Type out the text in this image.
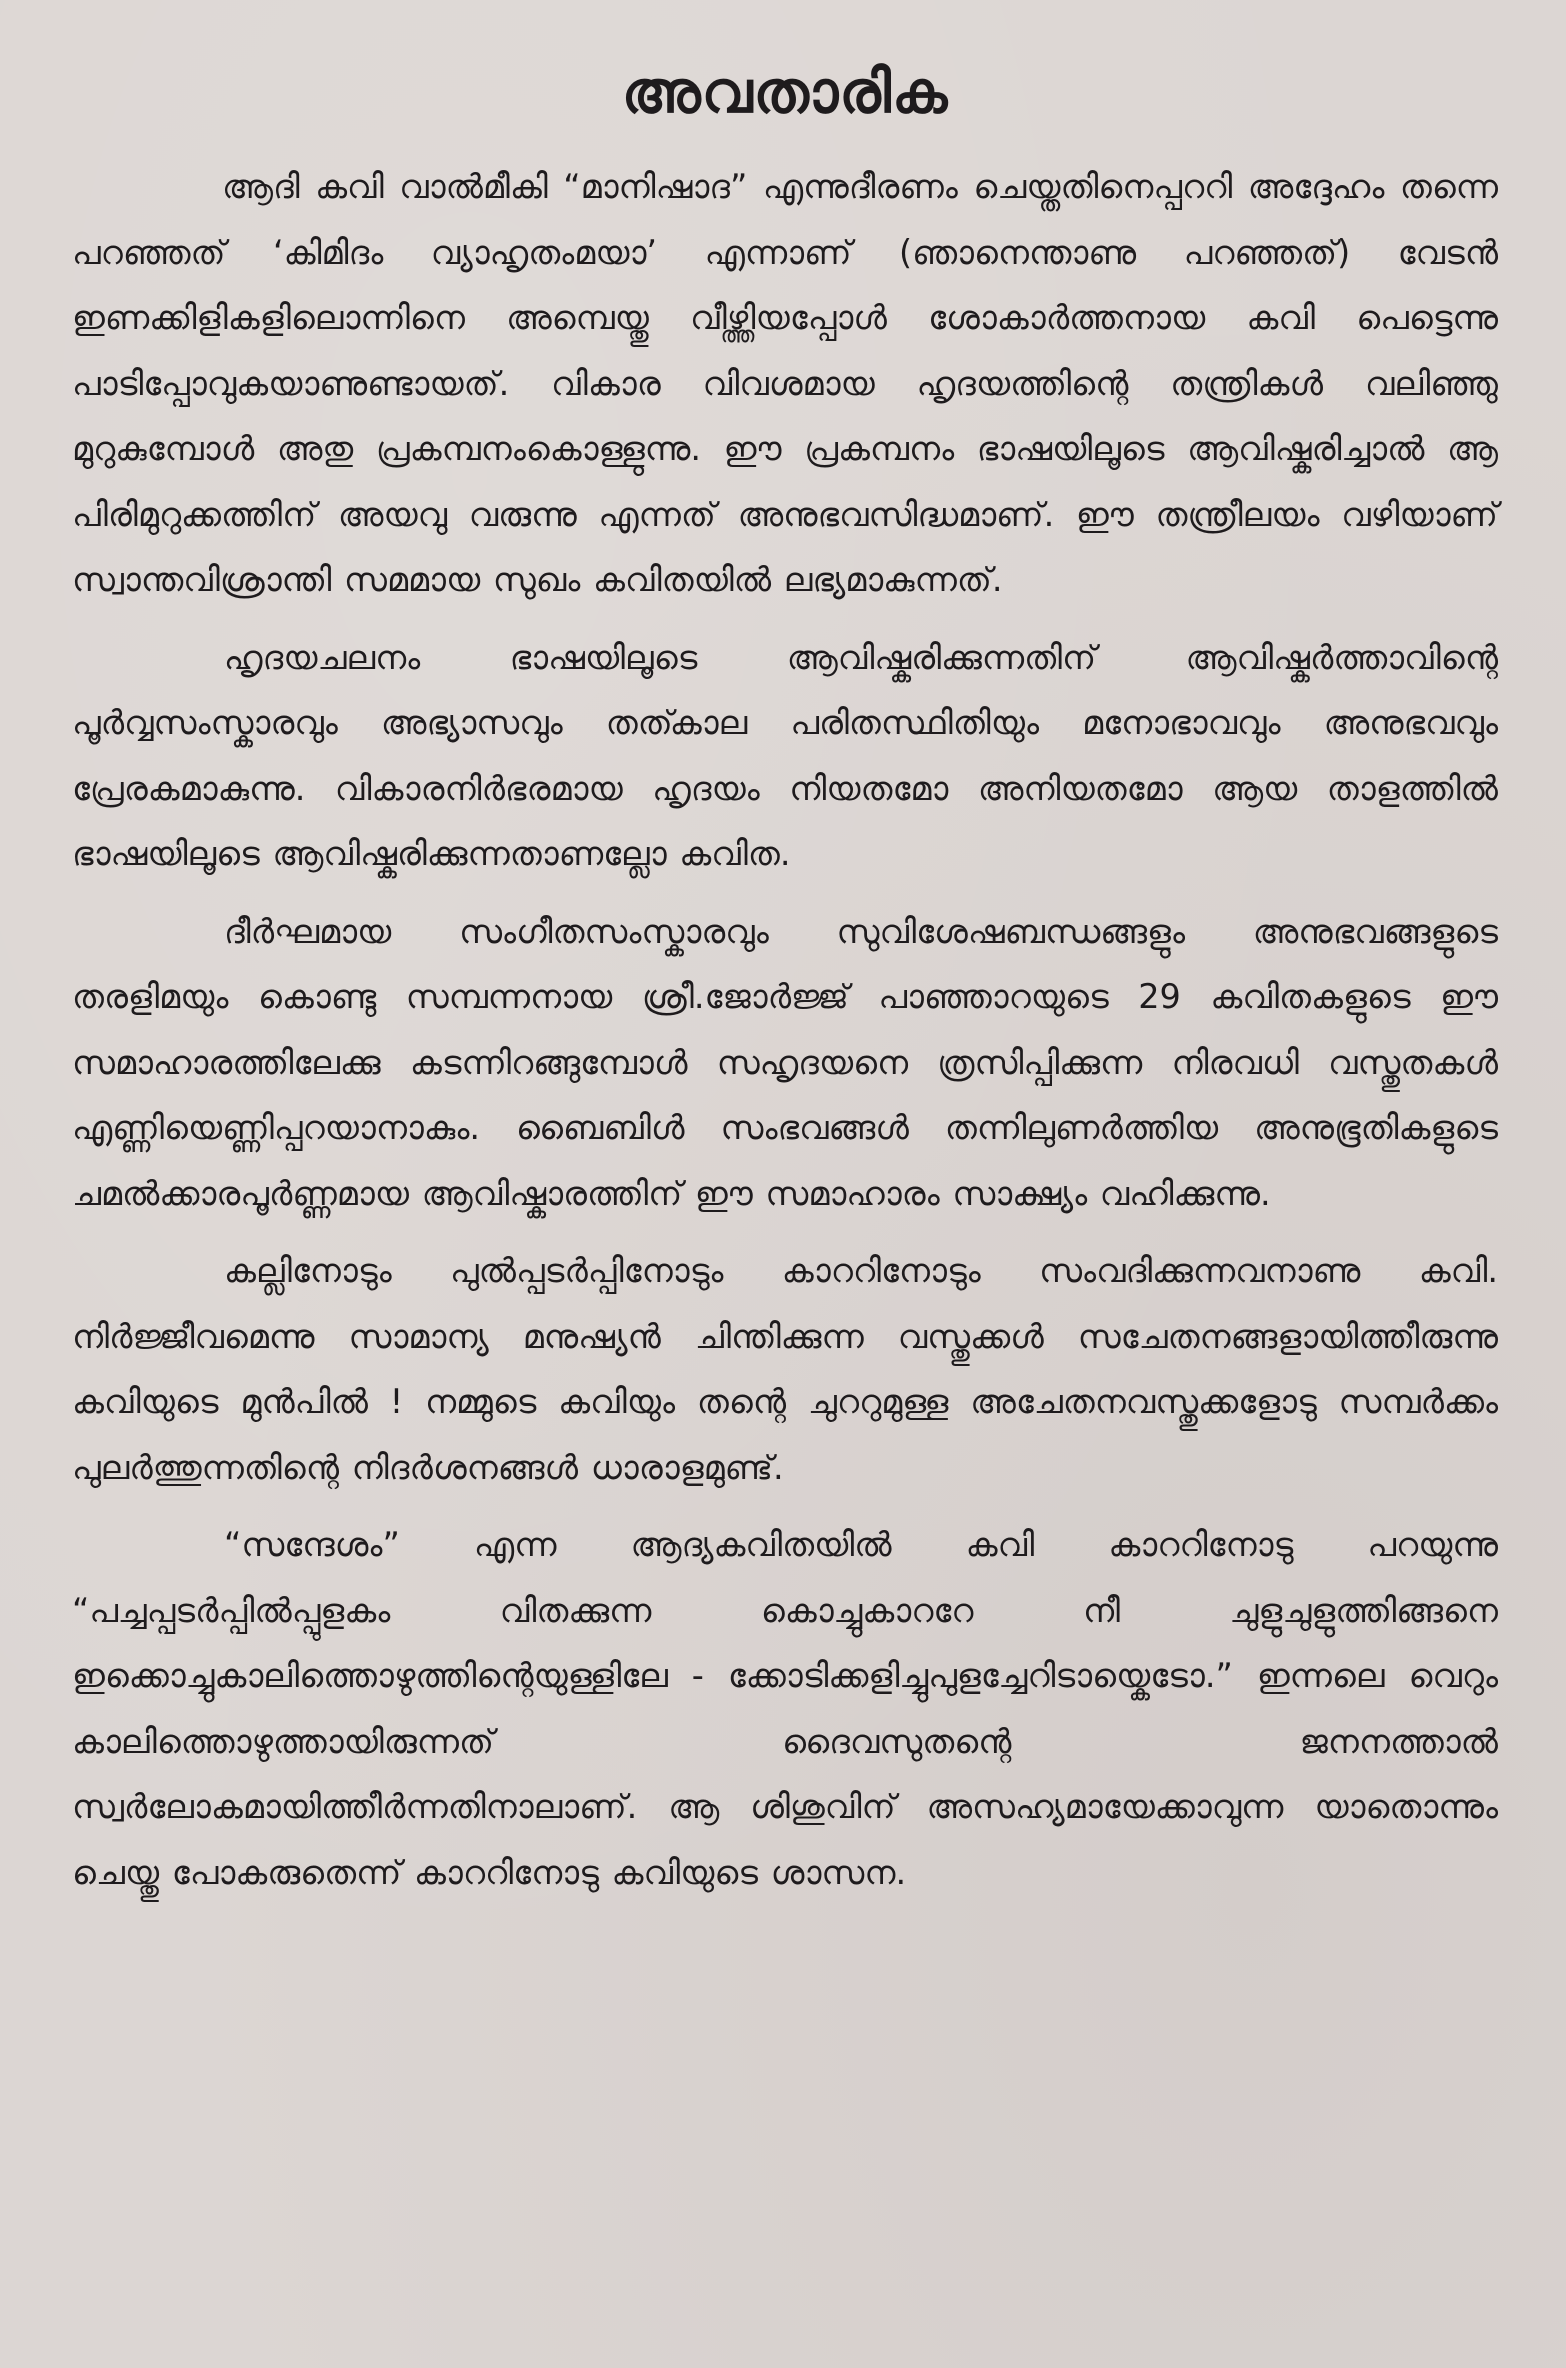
അവതാരിക

ആദി കവി വാൽമീകി “മാനിഷാദ” എന്നുദീരണം ചെയ്തതിനെപ്പററി അദ്ദേഹം തന്നെ പറഞ്ഞത് ‘കിമിദം വ്യാഹൃതംമയാ’ എന്നാണ് (ഞാനെന്താണു പറഞ്ഞത്) വേടൻ ഇണക്കിളികളിലൊന്നിനെ അമ്പെയ്തു വീഴ്ത്തിയപ്പോൾ ശോകാർത്തനായ കവി പെട്ടെന്നു പാടിപ്പോവുകയാണുണ്ടായത്. വികാര വിവശമായ ഹൃദയത്തിന്റെ തന്ത്രികൾ വലിഞ്ഞു മുറുകുമ്പോൾ അതു പ്രകമ്പനംകൊള്ളുന്നു. ഈ പ്രകമ്പനം ഭാഷയിലൂടെ ആവിഷ്കരിച്ചാൽ ആ പിരിമുറുക്കത്തിന് അയവു വരുന്നു എന്നത് അനുഭവസിദ്ധമാണ്. ഈ തന്ത്രീലയം വഴിയാണ് സ്വാന്തവിശ്രാന്തി സമമായ സുഖം കവിതയിൽ ലഭ്യമാകുന്നത്.

ഹൃദയചലനം ഭാഷയിലൂടെ ആവിഷ്കരിക്കുന്നതിന് ആവിഷ്കർത്താവിന്റെ പൂർവ്വസംസ്കാരവും അഭ്യാസവും തത്കാല പരിതസ്ഥിതിയും മനോഭാവവും അനുഭവവും പ്രേരകമാകുന്നു. വികാരനിർഭരമായ ഹൃദയം നിയതമോ അനിയതമോ ആയ താളത്തിൽ ഭാഷയിലൂടെ ആവിഷ്കരിക്കുന്നതാണല്ലോ കവിത.

ദീർഘമായ സംഗീതസംസ്കാരവും സുവിശേഷബന്ധങ്ങളും അനുഭവങ്ങളുടെ തരളിമയും കൊണ്ടു സമ്പന്നനായ ശ്രീ.ജോർജ്ജ് പാഞ്ഞാറയുടെ 29 കവിതകളുടെ ഈ സമാഹാരത്തിലേക്കു കടന്നിറങ്ങുമ്പോൾ സഹൃദയനെ ത്രസിപ്പിക്കുന്ന നിരവധി വസ്തുതകൾ എണ്ണിയെണ്ണിപ്പറയാനാകും. ബൈബിൾ സംഭവങ്ങൾ തന്നിലുണർത്തിയ അനുഭൂതികളുടെ ചമൽക്കാരപൂർണ്ണമായ ആവിഷ്കാരത്തിന് ഈ സമാഹാരം സാക്ഷ്യം വഹിക്കുന്നു.

കല്ലിനോടും പുൽപ്പടർപ്പിനോടും കാററിനോടും സംവദിക്കുന്നവനാണു കവി. നിർജ്ജീവമെന്നു സാമാന്യ മനുഷ്യൻ ചിന്തിക്കുന്ന വസ്തുക്കൾ സചേതനങ്ങളായിത്തീരുന്നു കവിയുടെ മുൻപിൽ ! നമ്മുടെ കവിയും തന്റെ ചുററുമുള്ള അചേതനവസ്തുക്കളോടു സമ്പർക്കം പുലർത്തുന്നതിന്റെ നിദർശനങ്ങൾ ധാരാളമുണ്ട്.

“സന്ദേശം” എന്ന ആദ്യകവിതയിൽ കവി കാററിനോടു പറയുന്നു “പച്ചപ്പടർപ്പിൽപ്പുളകം വിതക്കുന്ന കൊച്ചുകാററേ നീ ചുളുചുളുത്തിങ്ങനെ ഇക്കൊച്ചുകാലിത്തൊഴുത്തിന്റെയുള്ളിലേ - ക്കോടിക്കളിച്ചുപുളച്ചേറിടായ്കെടോ.” ഇന്നലെ വെറും കാലിത്തൊഴുത്തായിരുന്നത് ദൈവസുതന്റെ ജനനത്താൽ സ്വർലോകമായിത്തീർന്നതിനാലാണ്. ആ ശിശുവിന് അസഹ്യമായേക്കാവുന്ന യാതൊന്നും ചെയ്തു പോകരുതെന്ന് കാററിനോടു കവിയുടെ ശാസന.
